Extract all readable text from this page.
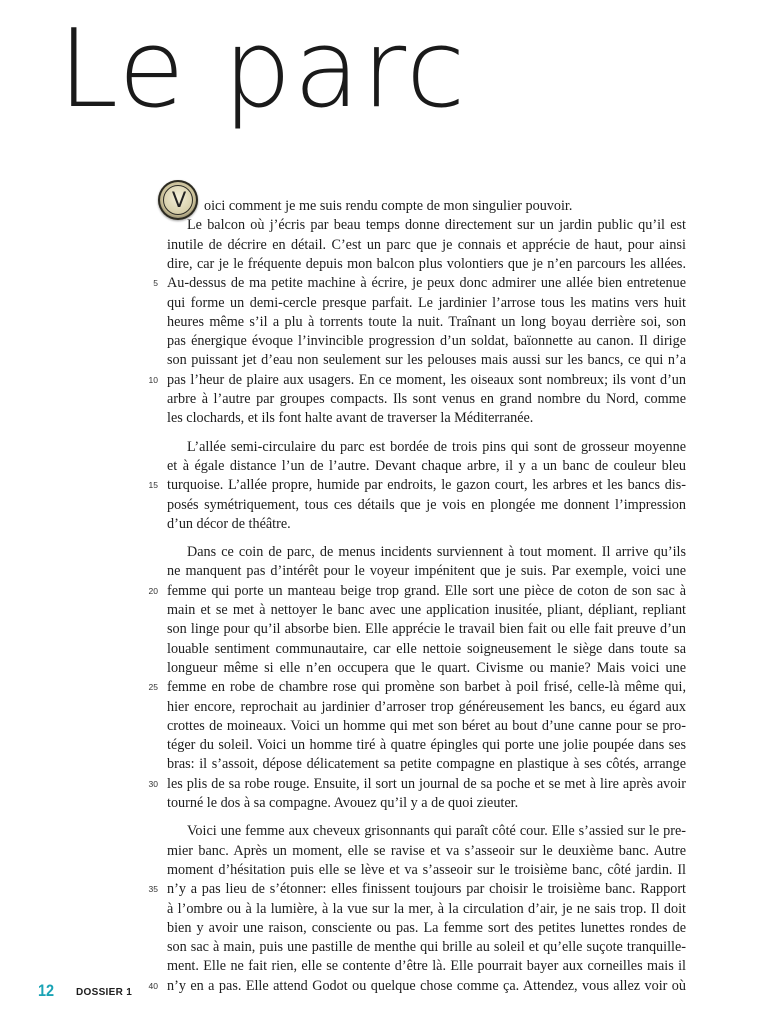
Le parc
V	oici comment je me suis rendu compte de mon singulier pouvoir.
Le balcon où j’écris par beau temps donne directement sur un jardin public qu’il est
inutile de décrire en détail. C’est un parc que je connais et apprécie de haut, pour ainsi
dire, car je le fréquente depuis mon balcon plus volontiers que je n’en parcours les allées.
Au-dessus de ma petite machine à écrire, je peux donc admirer une allée bien entretenue
5
qui forme un demi-cercle presque parfait. Le jardinier l’arrose tous les matins vers huit
heures même s’il a plu à torrents toute la nuit. Traînant un long boyau derrière soi, son
pas énergique évoque l’invincible progression d’un soldat, baïonnette au canon. Il dirige
son puissant jet d’eau non seulement sur les pelouses mais aussi sur les bancs, ce qui n’a
pas l’heur de plaire aux usagers. En ce moment, les oiseaux sont nombreux; ils vont d’un
10
arbre à l’autre par groupes compacts. Ils sont venus en grand nombre du Nord, comme
les clochards, et ils font halte avant de traverser la Méditerranée.
L’allée semi-circulaire du parc est bordée de trois pins qui sont de grosseur moyenne
et à égale distance l’un de l’autre. Devant chaque arbre, il y a un banc de couleur bleu
turquoise. L’allée propre, humide par endroits, le gazon court, les arbres et les bancs dis-
15
posés symétriquement, tous ces détails que je vois en plongée me donnent l’impression
d’un décor de théâtre.
Dans ce coin de parc, de menus incidents surviennent à tout moment. Il arrive qu’ils
ne manquent pas d’intérêt pour le voyeur impénitent que je suis. Par exemple, voici une
femme qui porte un manteau beige trop grand. Elle sort une pièce de coton de son sac à
20
main et se met à nettoyer le banc avec une application inusitée, pliant, dépliant, repliant
son linge pour qu’il absorbe bien. Elle apprécie le travail bien fait ou elle fait preuve d’un
louable sentiment communautaire, car elle nettoie soigneusement le siège dans toute sa
longueur même si elle n’en occupera que le quart. Civisme ou manie? Mais voici une
femme en robe de chambre rose qui promène son barbet à poil frisé, celle-là même qui,
25
hier encore, reprochait au jardinier d’arroser trop généreusement les bancs, eu égard aux
crottes de moineaux. Voici un homme qui met son béret au bout d’une canne pour se pro-
téger du soleil. Voici un homme tiré à quatre épingles qui porte une jolie poupée dans ses
bras: il s’assoit, dépose délicatement sa petite compagne en plastique à ses côtés, arrange
les plis de sa robe rouge. Ensuite, il sort un journal de sa poche et se met à lire après avoir
30
tourné le dos à sa compagne. Avouez qu’il y a de quoi zieuter.
Voici une femme aux cheveux grisonnants qui paraît côté cour. Elle s’assied sur le pre-
mier banc. Après un moment, elle se ravise et va s’asseoir sur le deuxième banc. Autre
moment d’hésitation puis elle se lève et va s’asseoir sur le troisième banc, côté jardin. Il
n’y a pas lieu de s’étonner: elles finissent toujours par choisir le troisième banc. Rapport
35
à l’ombre ou à la lumière, à la vue sur la mer, à la circulation d’air, je ne sais trop. Il doit
bien y avoir une raison, consciente ou pas. La femme sort des petites lunettes rondes de
son sac à main, puis une pastille de menthe qui brille au soleil et qu’elle suçote tranquille-
ment. Elle ne fait rien, elle se contente d’être là. Elle pourrait bayer aux corneilles mais il
n’y en a pas. Elle attend Godot ou quelque chose comme ça. Attendez, vous allez voir où
40
12 DOSSIER 1
